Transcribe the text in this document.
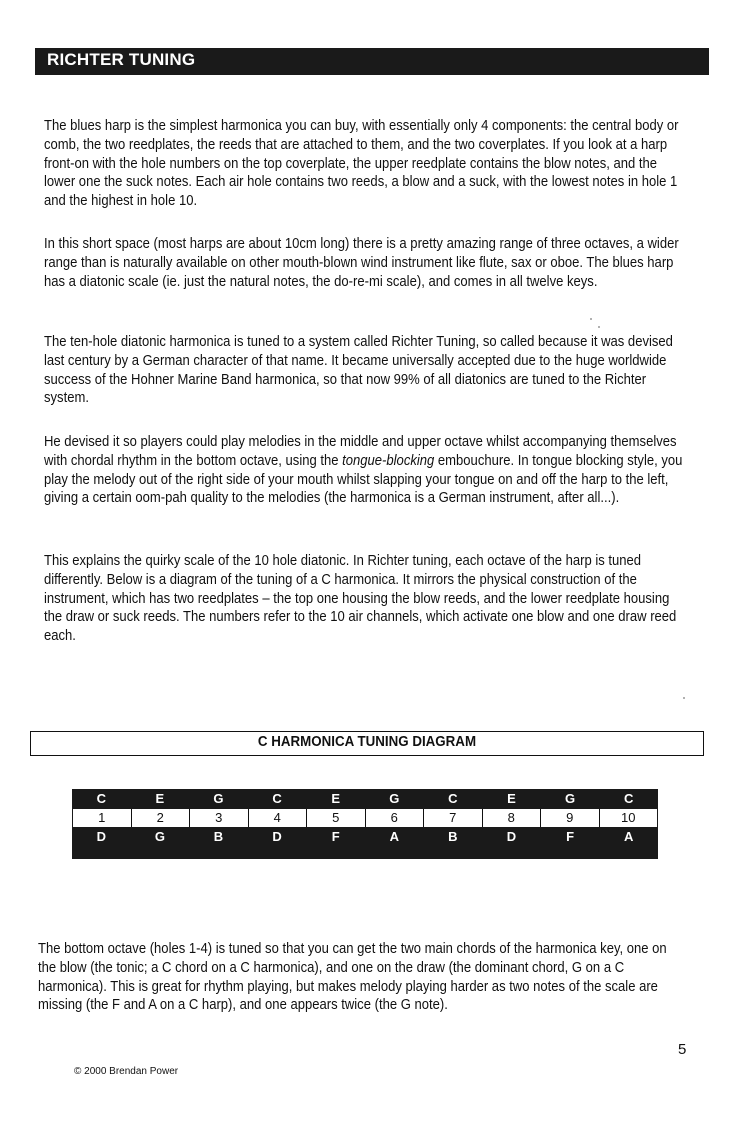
RICHTER TUNING

The blues harp is the simplest harmonica you can buy, with essentially only 4 components: the central body or comb, the two reedplates, the reeds that are attached to them, and the two coverplates. If you look at a harp front-on with the hole numbers on the top coverplate, the upper reedplate contains the blow notes, and the lower one the suck notes. Each air hole contains two reeds, a blow and a suck, with the lowest notes in hole 1 and the highest in hole 10.

In this short space (most harps are about 10cm long) there is a pretty amazing range of three octaves, a wider range than is naturally available on other mouth-blown wind instrument like flute, sax or oboe. The blues harp has a diatonic scale (ie. just the natural notes, the do-re-mi scale), and comes in all twelve keys.

The ten-hole diatonic harmonica is tuned to a system called Richter Tuning, so called because it was devised last century by a German character of that name. It became universally accepted due to the huge worldwide success of the Hohner Marine Band harmonica, so that now 99% of all diatonics are tuned to the Richter system.

He devised it so players could play melodies in the middle and upper octave whilst accompanying themselves with chordal rhythm in the bottom octave, using the tongue-blocking embouchure. In tongue blocking style, you play the melody out of the right side of your mouth whilst slapping your tongue on and off the harp to the left, giving a certain oom-pah quality to the melodies (the harmonica is a German instrument, after all...).

This explains the quirky scale of the 10 hole diatonic. In Richter tuning, each octave of the harp is tuned differently. Below is a diagram of the tuning of a C harmonica. It mirrors the physical construction of the instrument, which has two reedplates – the top one housing the blow reeds, and the lower reedplate housing the draw or suck reeds. The numbers refer to the 10 air channels, which activate one blow and one draw reed each.

C HARMONICA TUNING DIAGRAM
C	E	G	C	E	G	C	E	G	C
1	2	3	4	5	6	7	8	9	10
D	G	B	D	F	A	B	D	F	A

The bottom octave (holes 1-4) is tuned so that you can get the two main chords of the harmonica key, one on the blow (the tonic; a C chord on a C harmonica), and one on the draw (the dominant chord, G on a C harmonica). This is great for rhythm playing, but makes melody playing harder as two notes of the scale are missing (the F and A on a C harp), and one appears twice (the G note).

5
© 2000 Brendan Power
